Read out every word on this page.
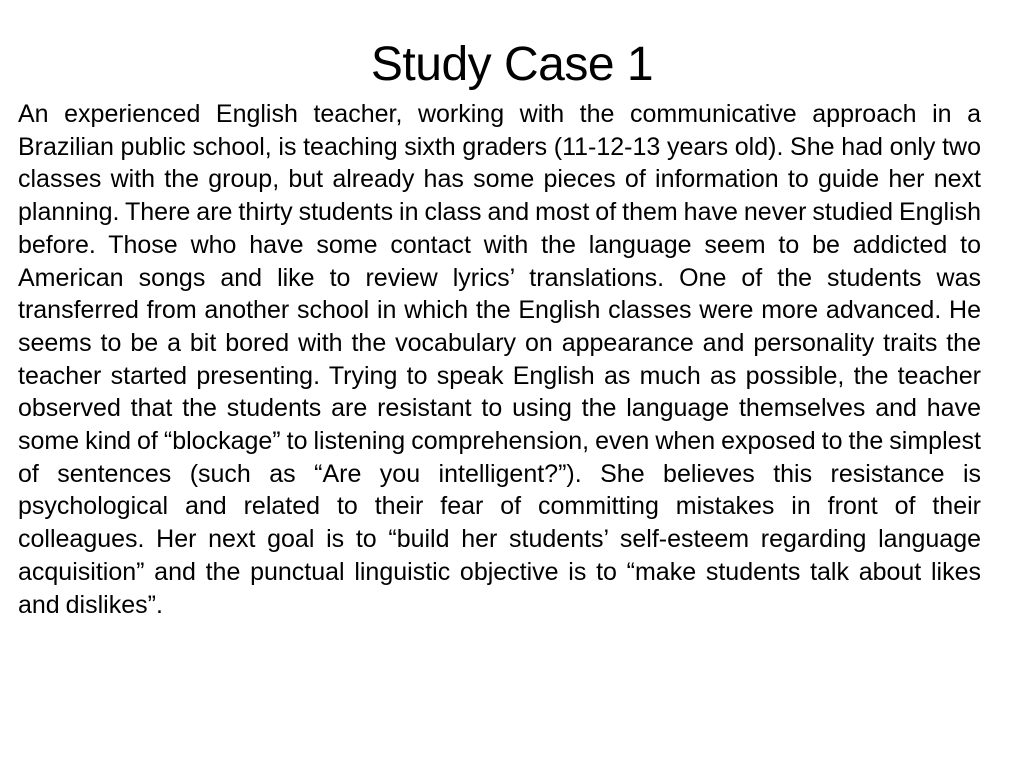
Study Case 1

An experienced English teacher, working with the communicative approach in a Brazilian public school, is teaching sixth graders (11-12-13 years old). She had only two classes with the group, but already has some pieces of information to guide her next planning. There are thirty students in class and most of them have never studied English before. Those who have some contact with the language seem to be addicted to American songs and like to review lyrics’ translations. One of the students was transferred from another school in which the English classes were more advanced. He seems to be a bit bored with the vocabulary on appearance and personality traits the teacher started presenting. Trying to speak English as much as possible, the teacher observed that the students are resistant to using the language themselves and have some kind of “blockage” to listening comprehension, even when exposed to the simplest of sentences (such as “Are you intelligent?”). She believes this resistance is psychological and related to their fear of committing mistakes in front of their colleagues. Her next goal is to “build her students’ self-esteem regarding language acquisition” and the punctual linguistic objective is to “make students talk about likes and dislikes”.
